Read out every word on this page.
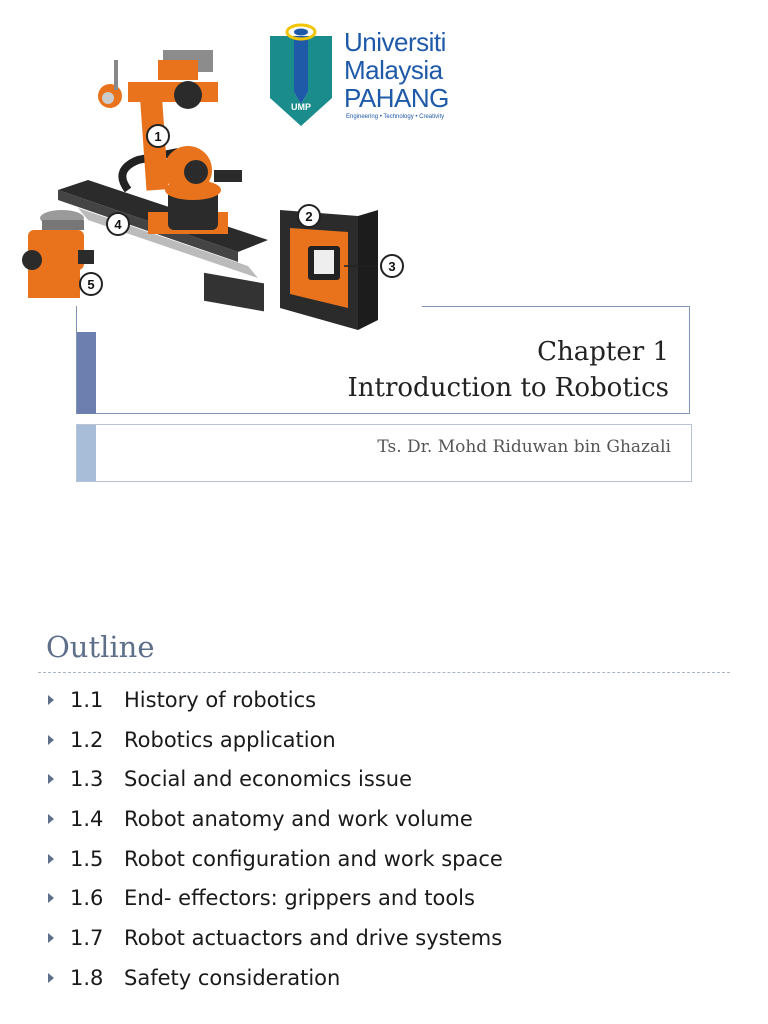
1
4
5
2
3
UMP
Universiti
Malaysia
PAHANG
Engineering • Technology • Creativity
Chapter 1
Introduction to Robotics
Ts. Dr. Mohd Riduwan bin Ghazali
Outline
1.1 History of robotics
1.2 Robotics application
1.3 Social and economics issue
1.4 Robot anatomy and work volume
1.5 Robot configuration and work space
1.6 End- effectors: grippers and tools
1.7 Robot actuactors and drive systems
1.8 Safety consideration
